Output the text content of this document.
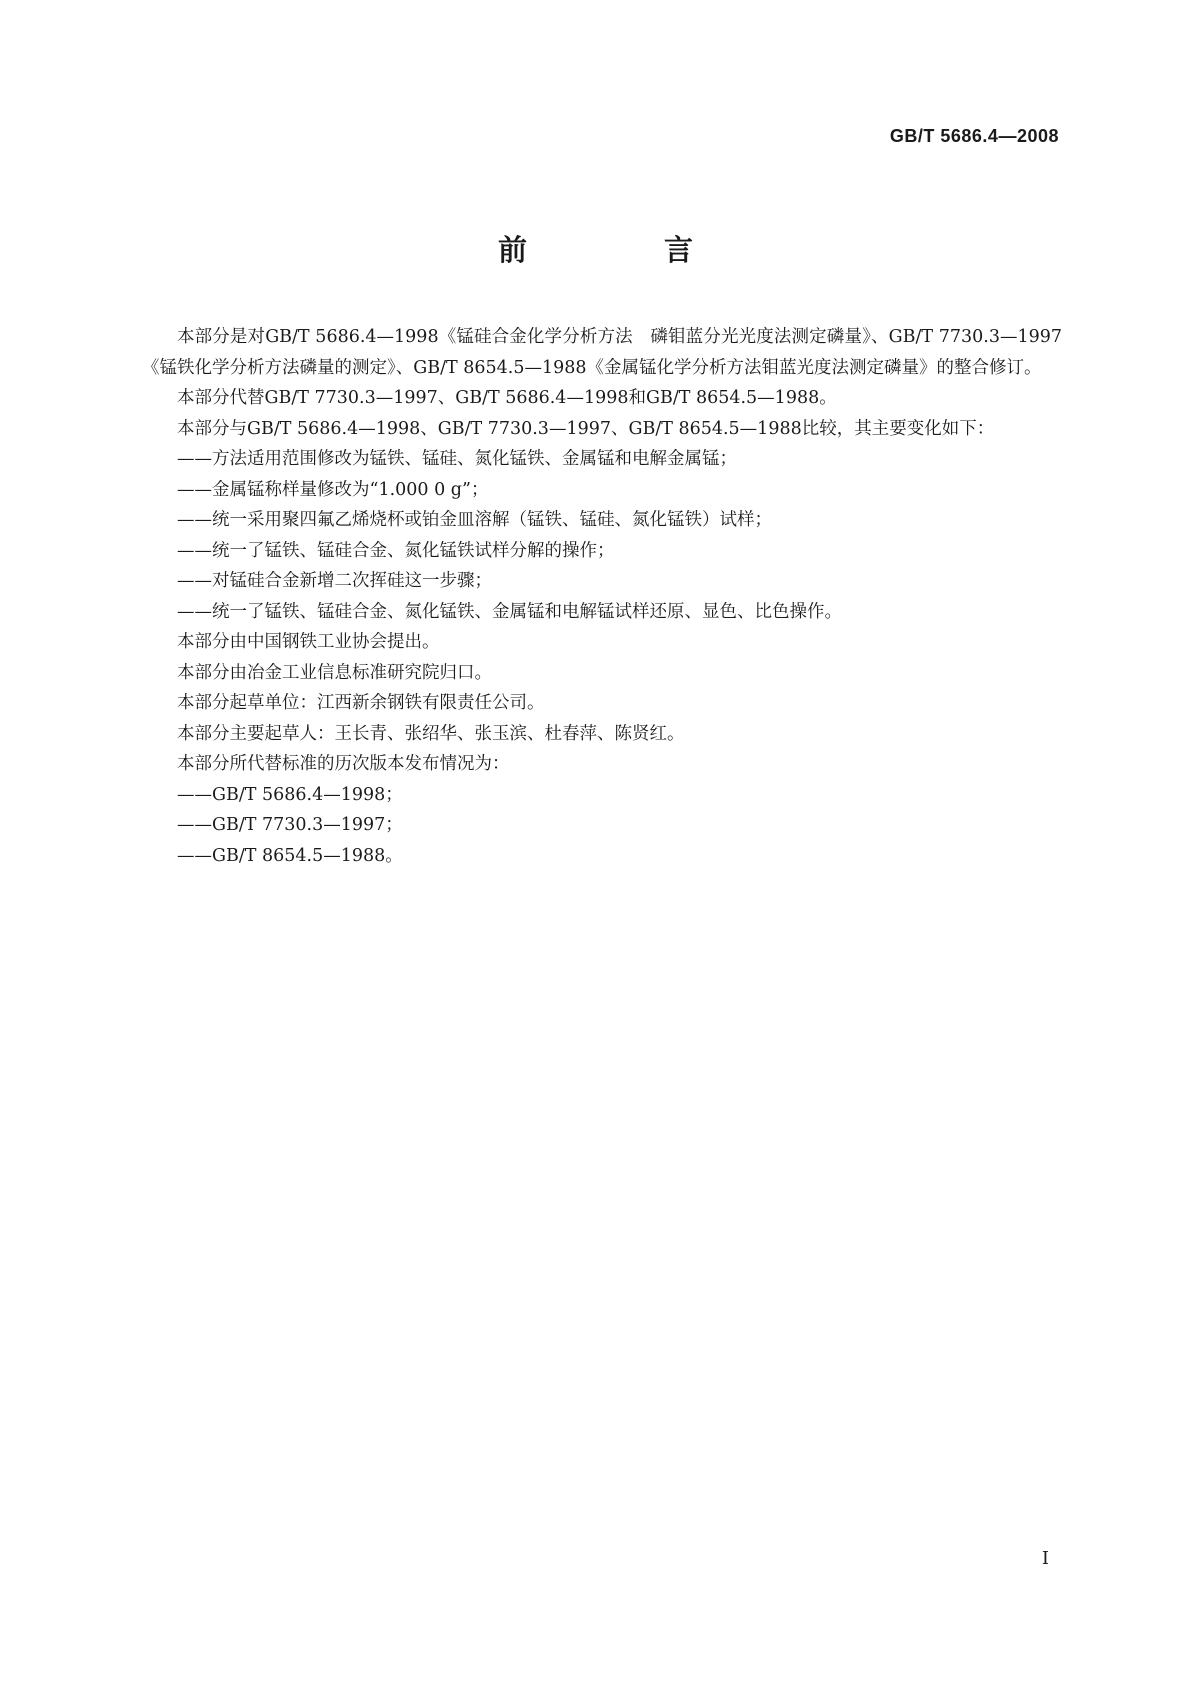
GB/T 5686.4—2008
前　言

本部分是对GB/T 5686.4—1998《锰硅合金化学分析方法　磷钼蓝分光光度法测定磷量》、GB/T 7730.3—1997《锰铁化学分析方法磷量的测定》、GB/T 8654.5—1988《金属锰化学分析方法钼蓝光度法测定磷量》的整合修订。

本部分代替GB/T 7730.3—1997、GB/T 5686.4—1998和GB/T 8654.5—1988。

本部分与GB/T 5686.4—1998、GB/T 7730.3—1997、GB/T 8654.5—1988比较，其主要变化如下：

——方法适用范围修改为锰铁、锰硅、氮化锰铁、金属锰和电解金属锰；

——金属锰称样量修改为“1.000 0 g”；

——统一采用聚四氟乙烯烧杯或铂金皿溶解（锰铁、锰硅、氮化锰铁）试样；

——统一了锰铁、锰硅合金、氮化锰铁试样分解的操作；

——对锰硅合金新增二次挥硅这一步骤；

——统一了锰铁、锰硅合金、氮化锰铁、金属锰和电解锰试样还原、显色、比色操作。

本部分由中国钢铁工业协会提出。

本部分由冶金工业信息标准研究院归口。

本部分起草单位：江西新余钢铁有限责任公司。

本部分主要起草人：王长青、张绍华、张玉滨、杜春萍、陈贤红。

本部分所代替标准的历次版本发布情况为：

——GB/T 5686.4—1998；

——GB/T 7730.3—1997；

——GB/T 8654.5—1988。

I
